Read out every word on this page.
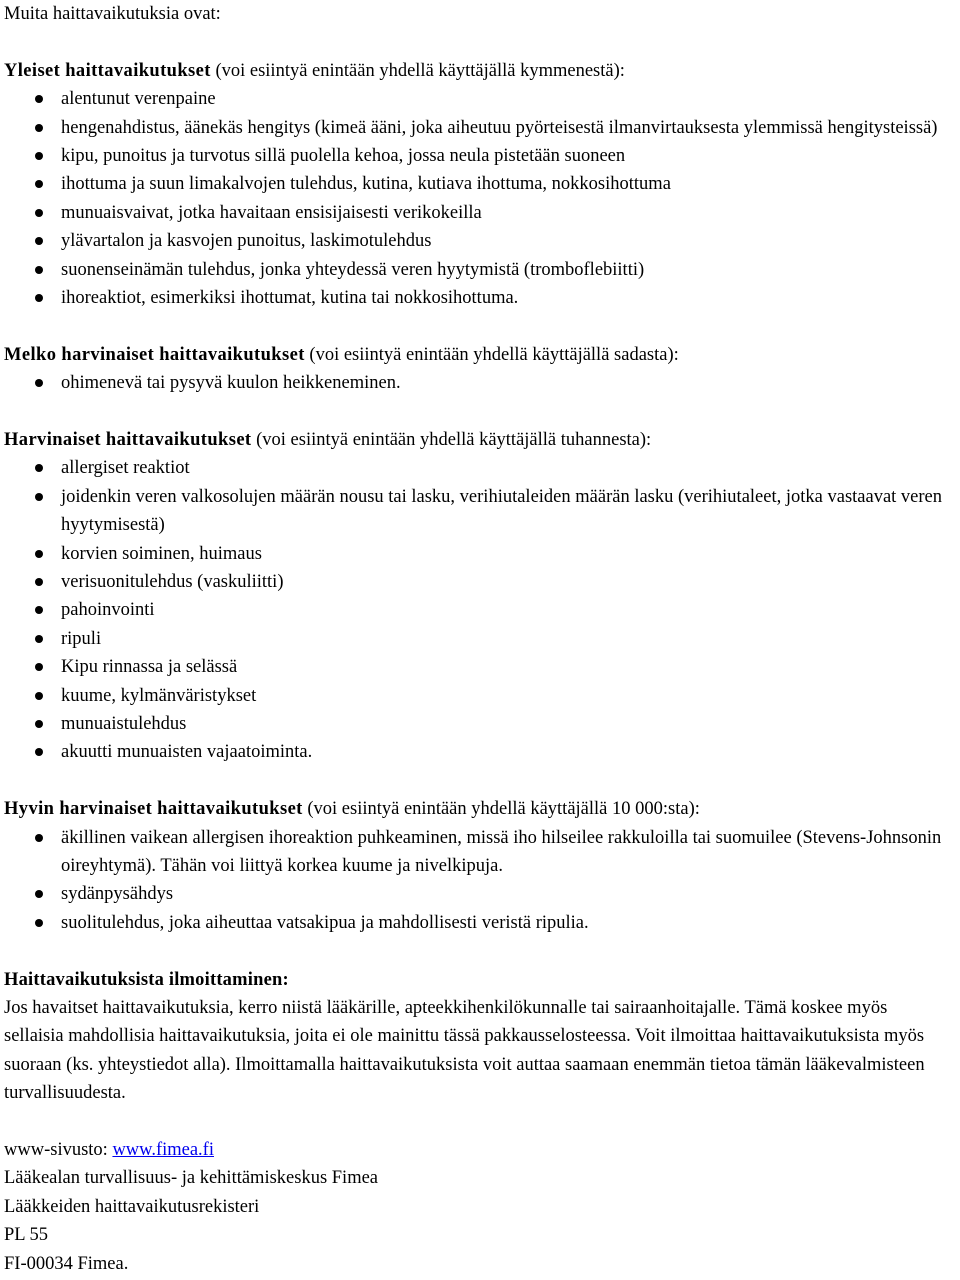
Muita haittavaikutuksia ovat:

Yleiset haittavaikutukset (voi esiintyä enintään yhdellä käyttäjällä kymmenestä):

alentunut verenpaine
hengenahdistus, äänekäs hengitys (kimeä ääni, joka aiheutuu pyörteisestä ilmanvirtauksesta ylemmissä hengitysteissä)
kipu, punoitus ja turvotus sillä puolella kehoa, jossa neula pistetään suoneen
ihottuma ja suun limakalvojen tulehdus, kutina, kutiava ihottuma, nokkosihottuma
munuaisvaivat, jotka havaitaan ensisijaisesti verikokeilla
ylävartalon ja kasvojen punoitus, laskimotulehdus
suonenseinämän tulehdus, jonka yhteydessä veren hyytymistä (tromboflebiitti)
ihoreaktiot, esimerkiksi ihottumat, kutina tai nokkosihottuma.

Melko harvinaiset haittavaikutukset (voi esiintyä enintään yhdellä käyttäjällä sadasta):

ohimenevä tai pysyvä kuulon heikkeneminen.

Harvinaiset haittavaikutukset (voi esiintyä enintään yhdellä käyttäjällä tuhannesta):

allergiset reaktiot
joidenkin veren valkosolujen määrän nousu tai lasku, verihiutaleiden määrän lasku (verihiutaleet, jotka vastaavat veren hyytymisestä)
korvien soiminen, huimaus
verisuonitulehdus (vaskuliitti)
pahoinvointi
ripuli
Kipu rinnassa ja selässä
kuume, kylmänväristykset
munuaistulehdus
akuutti munuaisten vajaatoiminta.

Hyvin harvinaiset haittavaikutukset (voi esiintyä enintään yhdellä käyttäjällä 10 000:sta):

äkillinen vaikean allergisen ihoreaktion puhkeaminen, missä iho hilseilee rakkuloilla tai suomuilee (Stevens-Johnsonin oireyhtymä). Tähän voi liittyä korkea kuume ja nivelkipuja.
sydänpysähdys
suolitulehdus, joka aiheuttaa vatsakipua ja mahdollisesti veristä ripulia.

Haittavaikutuksista ilmoittaminen:

Jos havaitset haittavaikutuksia, kerro niistä lääkärille, apteekkihenkilökunnalle tai sairaanhoitajalle. Tämä koskee myös sellaisia mahdollisia haittavaikutuksia, joita ei ole mainittu tässä pakkausselosteessa. Voit ilmoittaa haittavaikutuksista myös suoraan (ks. yhteystiedot alla). Ilmoittamalla haittavaikutuksista voit auttaa saamaan enemmän tietoa tämän lääkevalmisteen turvallisuudesta.

www-sivusto: www.fimea.fi

Lääkealan turvallisuus- ja kehittämiskeskus Fimea

Lääkkeiden haittavaikutusrekisteri

PL 55

FI-00034 Fimea.
